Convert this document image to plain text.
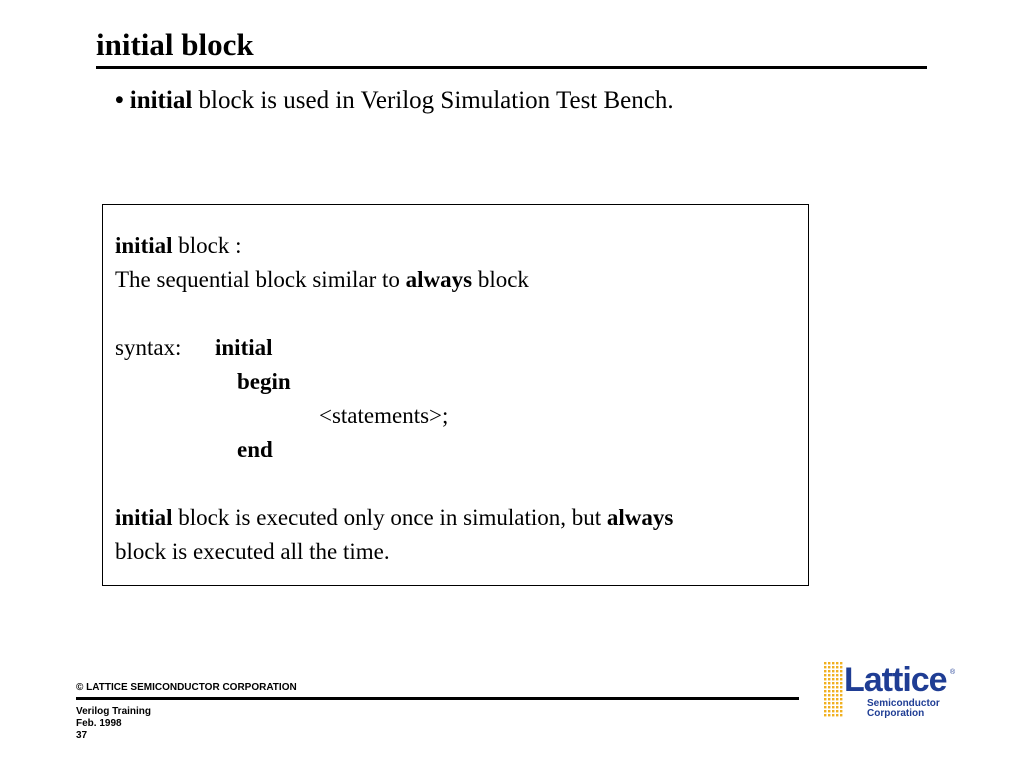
initial block
• initial block is used in Verilog Simulation Test Bench.
initial block :
The sequential block similar to always block
syntax: initial
begin
<statements>;
end
initial block is executed only once in simulation, but always
block is executed all the time.
© LATTICE SEMICONDUCTOR CORPORATION
Verilog Training
Feb. 1998
37
Lattice ®
Semiconductor
Corporation
